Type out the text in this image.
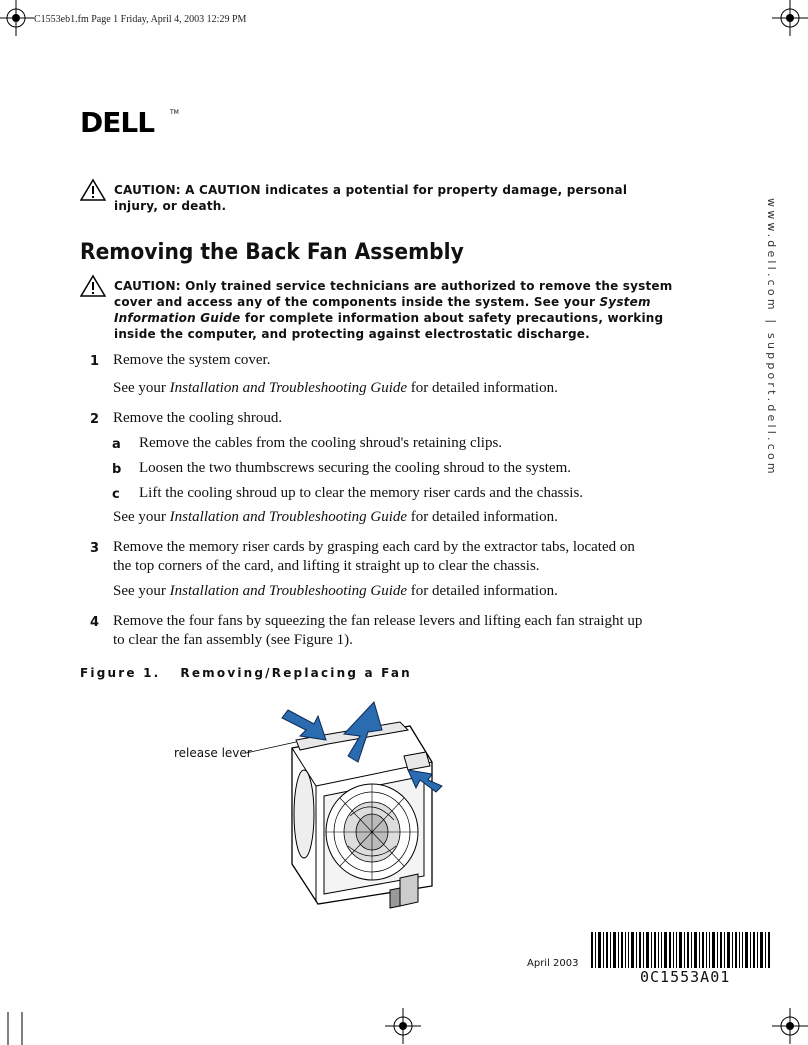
C1553eb1.fm Page 1 Friday, April 4, 2003 12:29 PM
DELL	TM
CAUTION: A CAUTION indicates a potential for property damage, personal
injury, or death.	www.dell.com | support.dell.com
Removing the Back Fan Assembly
CAUTION: Only trained service technicians are authorized to remove the system
cover and access any of the components inside the system. See your System
Information Guide for complete information about safety precautions, working
inside the computer, and protecting against electrostatic discharge.
1 Remove the system cover.
See your Installation and Troubleshooting Guide for detailed information.
2 Remove the cooling shroud.
a	Remove the cables from the cooling shroud's retaining clips.
b	Loosen the two thumbscrews securing the cooling shroud to the system.
c	Lift the cooling shroud up to clear the memory riser cards and the chassis.
See your Installation and Troubleshooting Guide for detailed information.
3 Remove the memory riser cards by grasping each card by the extractor tabs, located on the top corners of the card, and lifting it straight up to clear the chassis.
See your Installation and Troubleshooting Guide for detailed information.
4 Remove the four fans by squeezing the fan release levers and lifting each fan straight up to clear the fan assembly (see Figure 1).
Figure 1. Removing/Replacing a Fan
release lever
April 2003
0C1553A01
